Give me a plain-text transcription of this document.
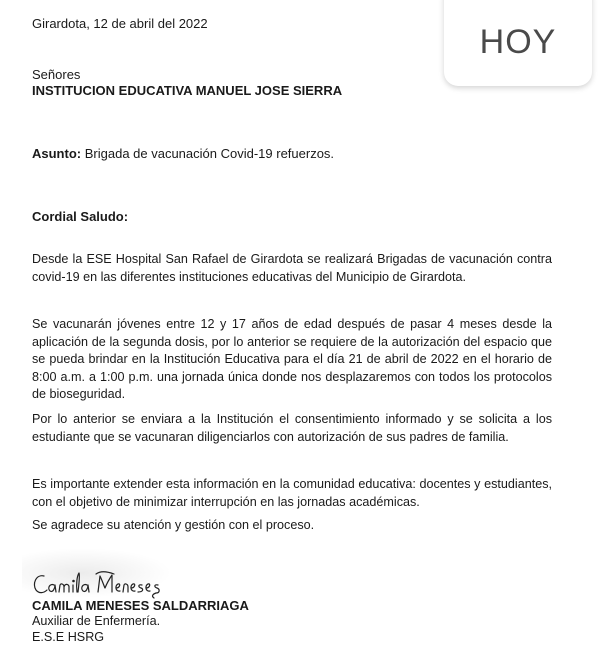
Girardota, 12 de abril del 2022	HOY
Señores
INSTITUCION EDUCATIVA MANUEL JOSE SIERRA
Asunto: Brigada de vacunación Covid-19 refuerzos.
Cordial Saludo:

Desde la ESE Hospital San Rafael de Girardota se realizará Brigadas de vacunación contra covid-19 en las diferentes instituciones educativas del Municipio de Girardota.

Se vacunarán jóvenes entre 12 y 17 años de edad después de pasar 4 meses desde la aplicación de la segunda dosis, por lo anterior se requiere de la autorización del espacio que se pueda brindar en la Institución Educativa para el día 21 de abril de 2022 en el horario de 8:00 a.m. a 1:00 p.m. una jornada única donde nos desplazaremos con todos los protocolos de bioseguridad.

Por lo anterior se enviara a la Institución el consentimiento informado y se solicita a los estudiante que se vacunaran diligenciarlos con autorización de sus padres de familia.

Es importante extender esta información en la comunidad educativa: docentes y estudiantes, con el objetivo de minimizar interrupción en las jornadas académicas.

Se agradece su atención y gestión con el proceso.

CAMILA MENESES SALDARRIAGA
Auxiliar de Enfermería.
E.S.E HSRG
